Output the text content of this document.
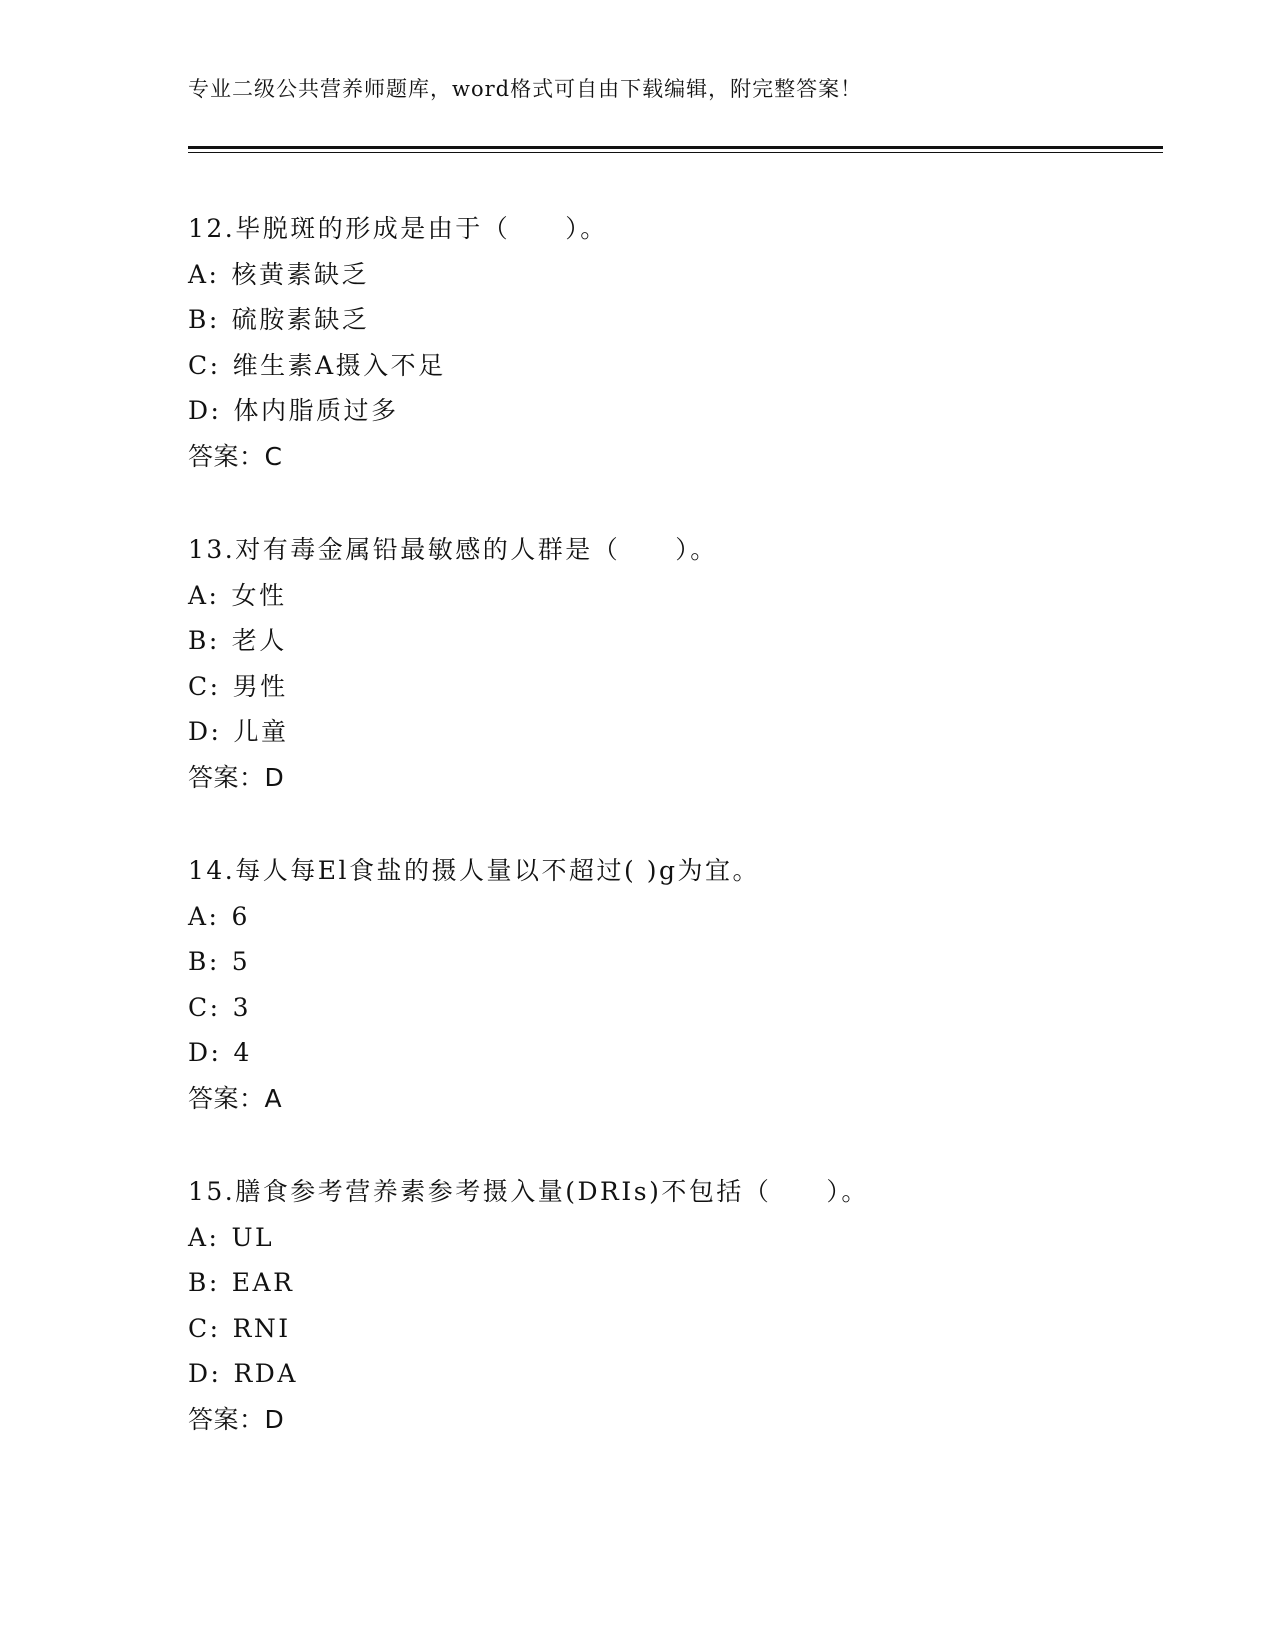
专业二级公共营养师题库，word格式可自由下载编辑，附完整答案！
12.毕脱斑的形成是由于（　　）。
A: 核黄素缺乏
B: 硫胺素缺乏
C: 维生素A摄入不足
D: 体内脂质过多
答案：C
13.对有毒金属铅最敏感的人群是（　　）。
A: 女性
B: 老人
C: 男性
D: 儿童
答案：D
14.每人每El食盐的摄人量以不超过( )g为宜。
A: 6
B: 5
C: 3
D: 4
答案：A
15.膳食参考营养素参考摄入量(DRIs)不包括（　　）。
A: UL
B: EAR
C: RNI
D: RDA
答案：D
